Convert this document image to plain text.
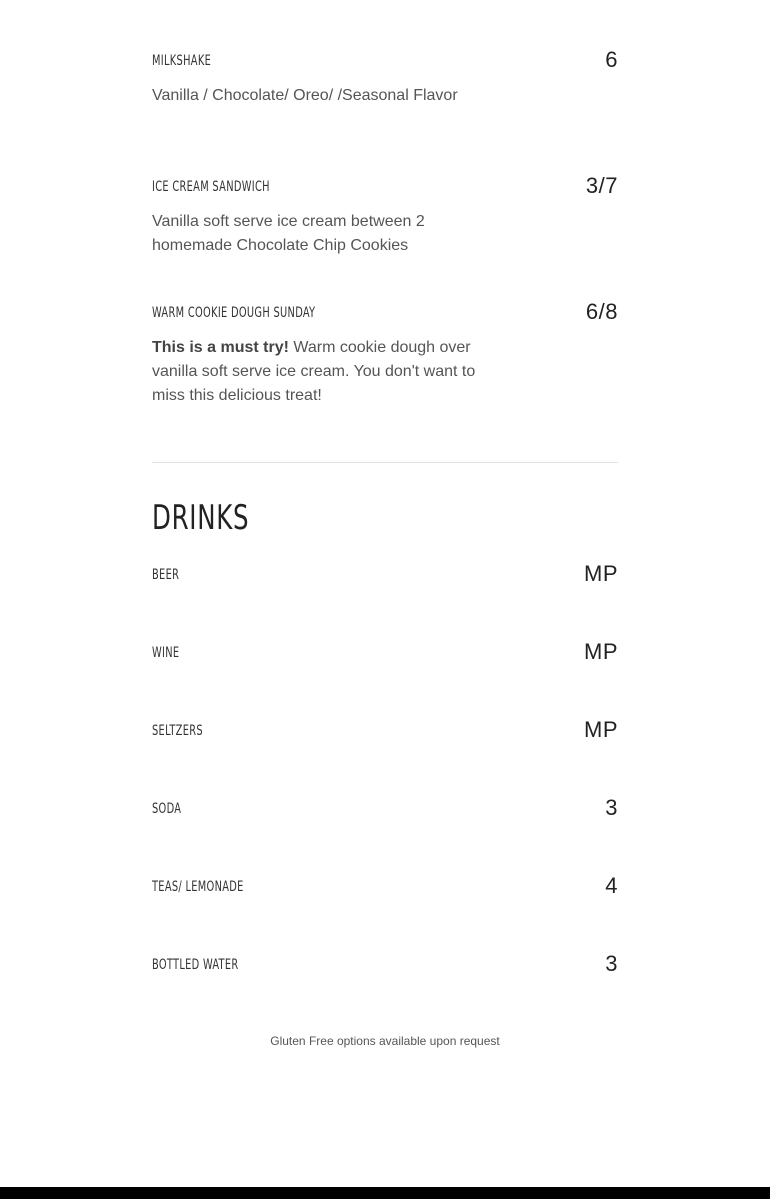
MILKSHAKE	6
Vanilla / Chocolate/ Oreo/ /Seasonal Flavor
ICE CREAM SANDWICH	3/7
Vanilla soft serve ice cream between 2 homemade Chocolate Chip Cookies
WARM COOKIE DOUGH SUNDAY	6/8
This is a must try! Warm cookie dough over vanilla soft serve ice cream. You don't want to miss this delicious treat!
DRINKS
BEER	MP
WINE	MP
SELTZERS	MP
SODA	3
TEAS/ LEMONADE	4
BOTTLED WATER	3
Gluten Free options available upon request
